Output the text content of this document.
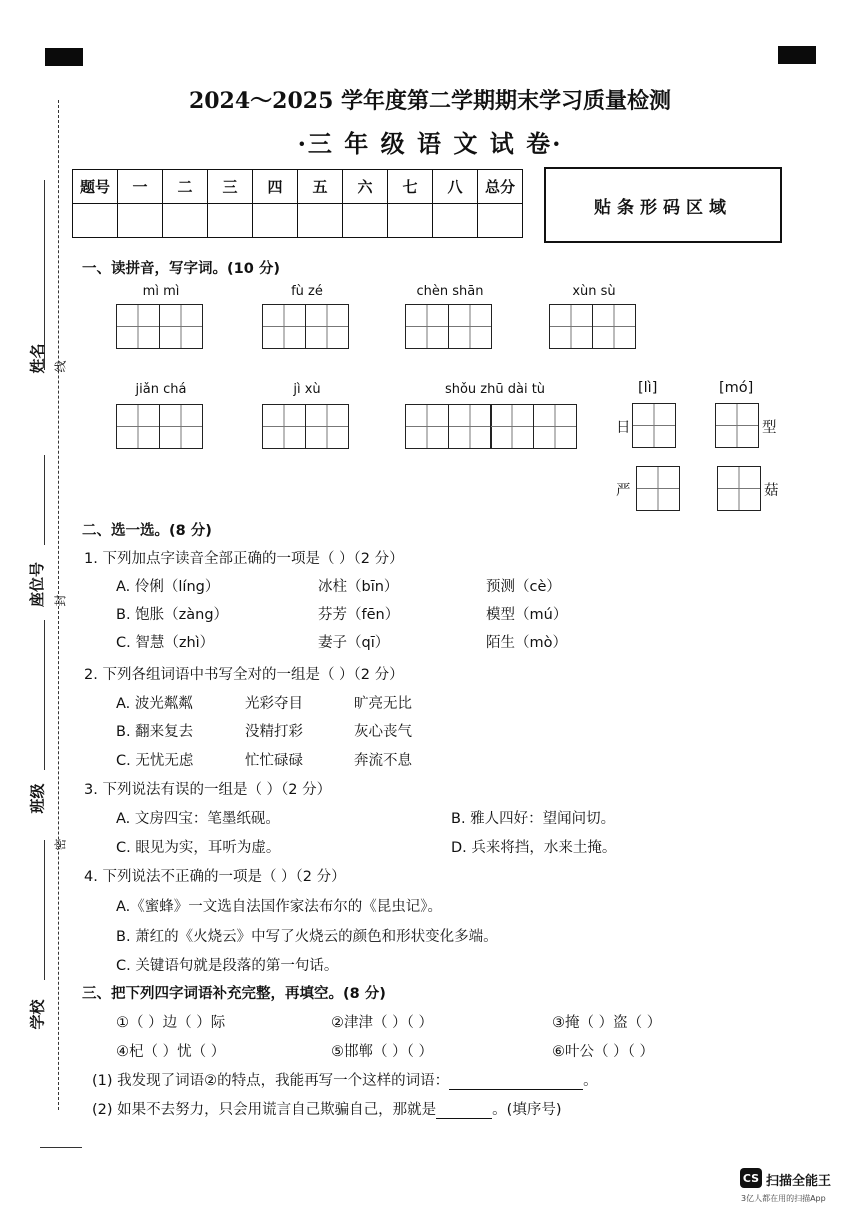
2024～2025 学年度第二学期期末学习质量检测
·三 年 级 语 文 试 卷·
题号	一	二	三	四	五	六	七	八	总分

贴条形码区域
姓名 线
座位号 封
班级
密
学校
一、读拼音，写字词。(10 分)
mì mì	fù zé	chèn shān	xùn sù
jiǎn chá	jì xù	shǒu zhū dài tù	[lì]	[mó]
日	型
严	菇
二、选一选。(8 分)
1. 下列加点字读音全部正确的一项是（ ）（2 分）
A. 伶俐（líng）	冰柱（bīn）	预测（cè）
B. 饱胀（zàng）	芬芳（fēn）	模型（mú）
C. 智慧（zhì）	妻子（qī）	陌生（mò）
2. 下列各组词语中书写全对的一组是（ ）（2 分）
A. 波光粼粼	光彩夺目	旷亮无比
B. 翻来复去	没精打彩	灰心丧气
C. 无忧无虑	忙忙碌碌	奔流不息
3. 下列说法有误的一组是（ ）（2 分）
A. 文房四宝：笔墨纸砚。	B. 雅人四好：望闻问切。
C. 眼见为实，耳听为虚。	D. 兵来将挡，水来土掩。
4. 下列说法不正确的一项是（ ）（2 分）
A.《蜜蜂》一文选自法国作家法布尔的《昆虫记》。
B. 萧红的《火烧云》中写了火烧云的颜色和形状变化多端。
C. 关键语句就是段落的第一句话。
三、把下列四字词语补充完整，再填空。(8 分)
①（ ）边（ ）际	②津津（ ）（ ）	③掩（ ）盗（ ）
④杞（ ）忧（ ）	⑤邯郸（ ）（ ）	⑥叶公（ ）（ ）
(1) 我发现了词语②的特点，我能再写一个这样的词语：	。
(2) 如果不去努力，只会用谎言自己欺骗自己，那就是	。(填序号)
CS 扫描全能王
3亿人都在用的扫描App
